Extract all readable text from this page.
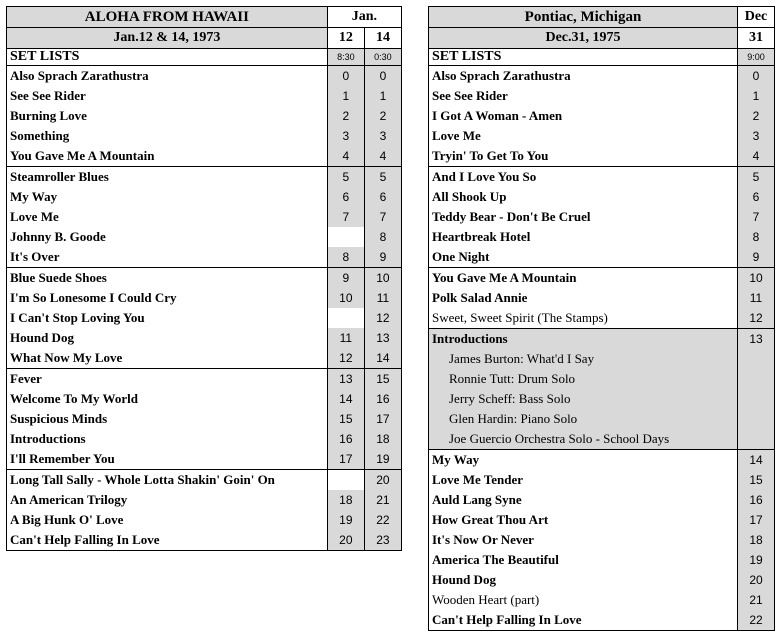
ALOHA FROM HAWAII	Jan.	
Jan.12 & 14, 1973	12	14
SET LISTS	8:30	0:30
Also Sprach Zarathustra	0	0
See See Rider	1	1
Burning Love	2	2
Something	3	3
You Gave Me A Mountain	4	4
Steamroller Blues	5	5
My Way	6	6
Love Me	7	7
Johnny B. Goode		8
It's Over	8	9
Blue Suede Shoes	9	10
I'm So Lonesome I Could Cry	10	11
I Can't Stop Loving You		12
Hound Dog	11	13
What Now My Love	12	14
Fever	13	15
Welcome To My World	14	16
Suspicious Minds	15	17
Introductions	16	18
I'll Remember You	17	19
Long Tall Sally - Whole Lotta Shakin' Goin' On		20
An American Trilogy	18	21
A Big Hunk O' Love	19	22
Can't Help Falling In Love	20	23
Pontiac, Michigan	Dec
Dec.31, 1975	31
SET LISTS	9:00
Also Sprach Zarathustra	0
See See Rider	1
I Got A Woman - Amen	2
Love Me	3
Tryin' To Get To You	4
And I Love You So	5
All Shook Up	6
Teddy Bear - Don't Be Cruel	7
Heartbreak Hotel	8
One Night	9
You Gave Me A Mountain	10
Polk Salad Annie	11
Sweet, Sweet Spirit (The Stamps)	12
Introductions	13
James Burton: What'd I Say	
Ronnie Tutt: Drum Solo	
Jerry Scheff: Bass Solo	
Glen Hardin: Piano Solo	
Joe Guercio Orchestra Solo - School Days	
My Way	14
Love Me Tender	15
Auld Lang Syne	16
How Great Thou Art	17
It's Now Or Never	18
America The Beautiful	19
Hound Dog	20
Wooden Heart (part)	21
Can't Help Falling In Love	22
